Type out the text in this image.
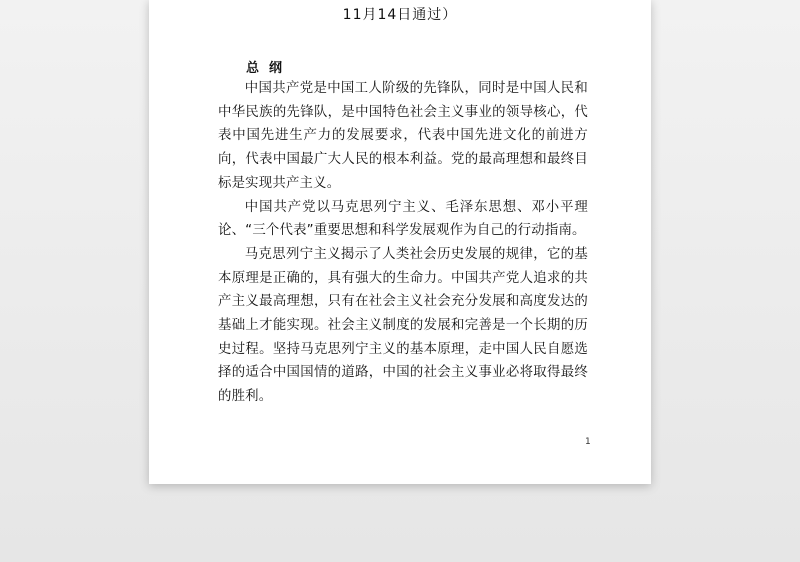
11月14日通过）
总纲

中国共产党是中国工人阶级的先锋队，同时是中国人民和中华民族的先锋队，是中国特色社会主义事业的领导核心，代表中国先进生产力的发展要求，代表中国先进文化的前进方向，代表中国最广大人民的根本利益。党的最高理想和最终目标是实现共产主义。

中国共产党以马克思列宁主义、毛泽东思想、邓小平理论、“三个代表”重要思想和科学发展观作为自己的行动指南。

马克思列宁主义揭示了人类社会历史发展的规律，它的基本原理是正确的，具有强大的生命力。中国共产党人追求的共产主义最高理想，只有在社会主义社会充分发展和高度发达的基础上才能实现。社会主义制度的发展和完善是一个长期的历史过程。坚持马克思列宁主义的基本原理，走中国人民自愿选择的适合中国国情的道路，中国的社会主义事业必将取得最终的胜利。

1
